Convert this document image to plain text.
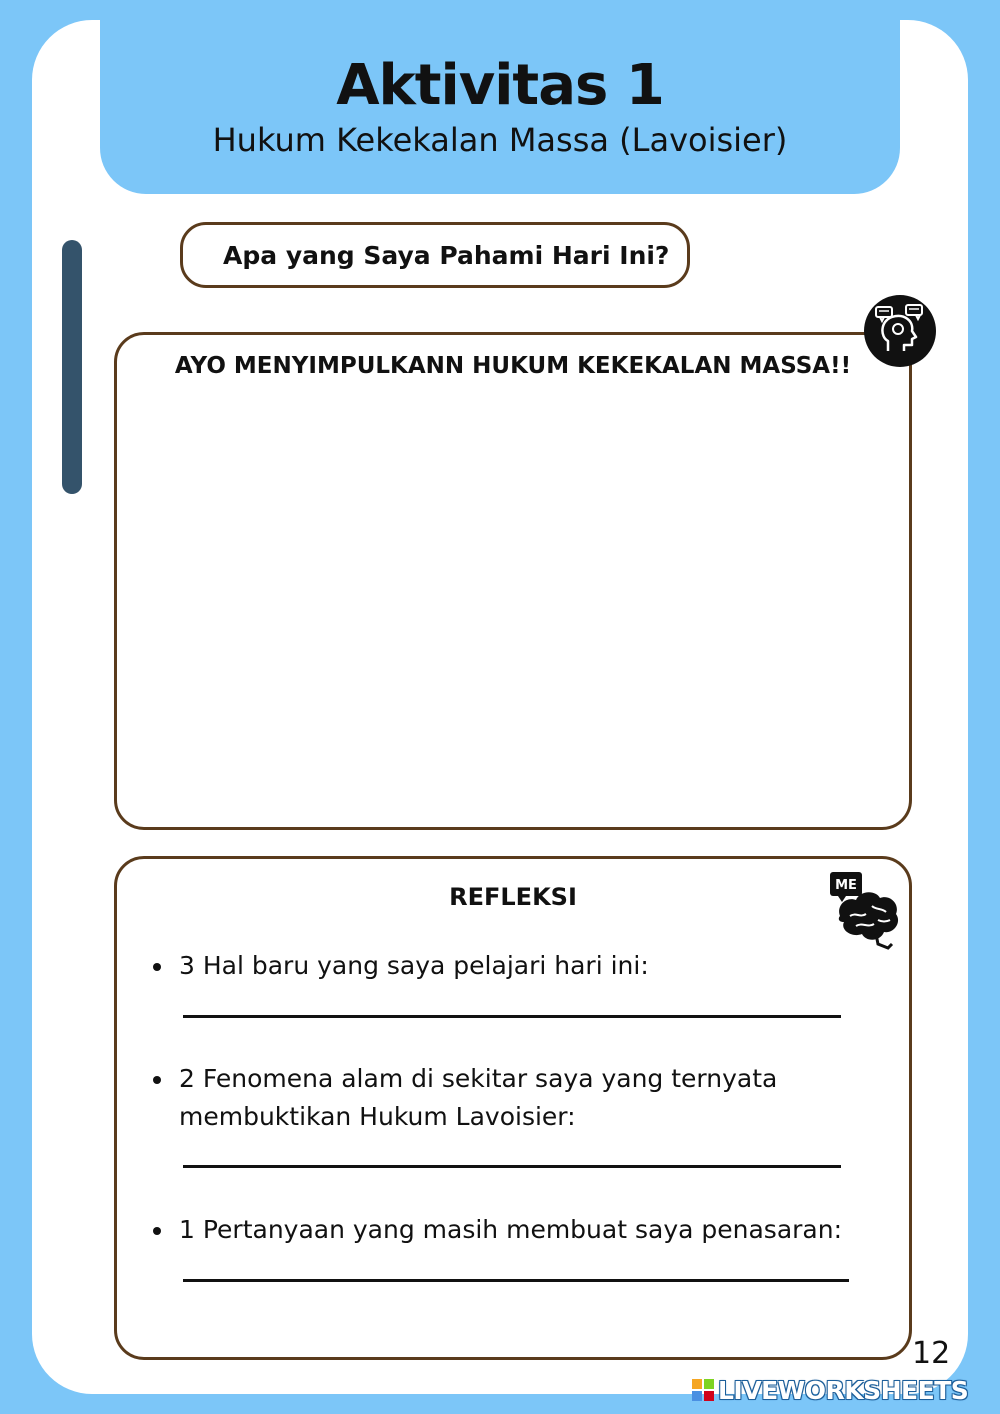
Aktivitas 1
Hukum Kekekalan Massa (Lavoisier)
Apa yang Saya Pahami Hari Ini?
AYO MENYIMPULKANN HUKUM KEKEKALAN MASSA!!
REFLEKSI
3 Hal baru yang saya pelajari hari ini:
2 Fenomena alam di sekitar saya yang ternyata membuktikan Hukum Lavoisier:
1 Pertanyaan yang masih membuat saya penasaran:
ME
12
LIVEWORKSHEETS
